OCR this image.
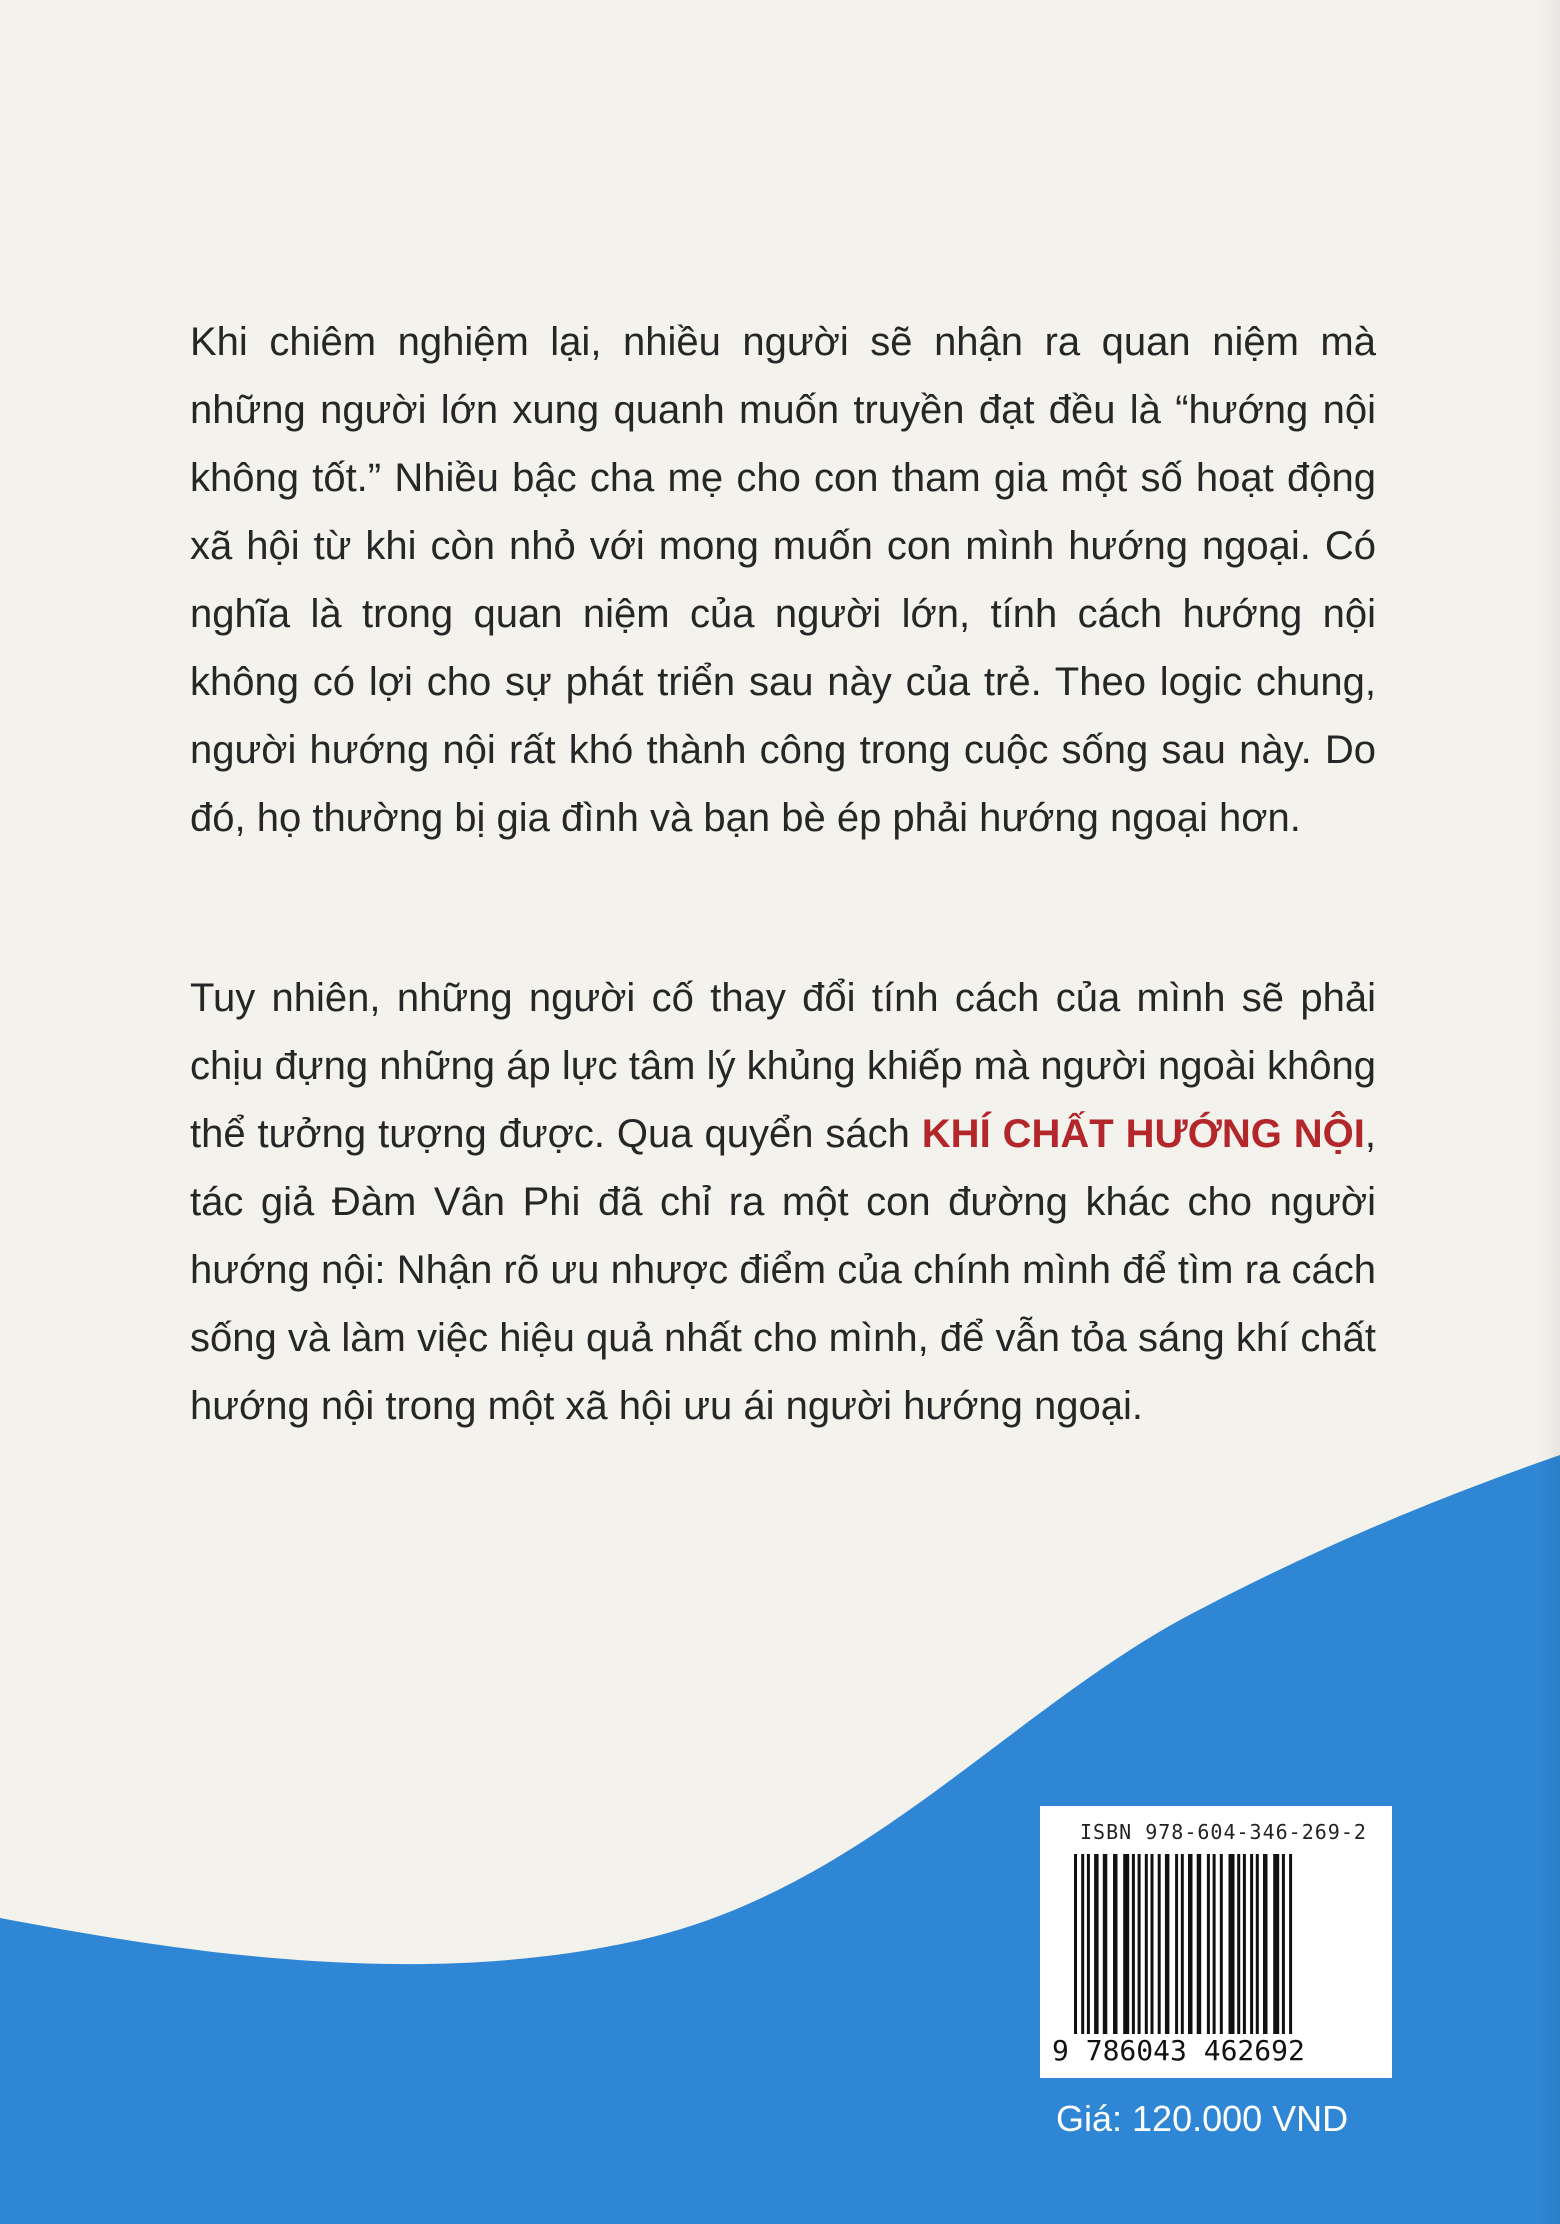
Khi chiêm nghiệm lại, nhiều người sẽ nhận ra quan niệm mà những người lớn xung quanh muốn truyền đạt đều là “hướng nội không tốt.” Nhiều bậc cha mẹ cho con tham gia một số hoạt động xã hội từ khi còn nhỏ với mong muốn con mình hướng ngoại. Có nghĩa là trong quan niệm của người lớn, tính cách hướng nội không có lợi cho sự phát triển sau này của trẻ. Theo logic chung, người hướng nội rất khó thành công trong cuộc sống sau này. Do đó, họ thường bị gia đình và bạn bè ép phải hướng ngoại hơn.

Tuy nhiên, những người cố thay đổi tính cách của mình sẽ phải chịu đựng những áp lực tâm lý khủng khiếp mà người ngoài không thể tưởng tượng được. Qua quyển sách KHÍ CHẤT HƯỚNG NỘI, tác giả Đàm Vân Phi đã chỉ ra một con đường khác cho người hướng nội: Nhận rõ ưu nhược điểm của chính mình để tìm ra cách sống và làm việc hiệu quả nhất cho mình, để vẫn tỏa sáng khí chất hướng nội trong một xã hội ưu ái người hướng ngoại.

ISBN 978-604-346-269-2
9 786043 462692
Giá: 120.000 VND
